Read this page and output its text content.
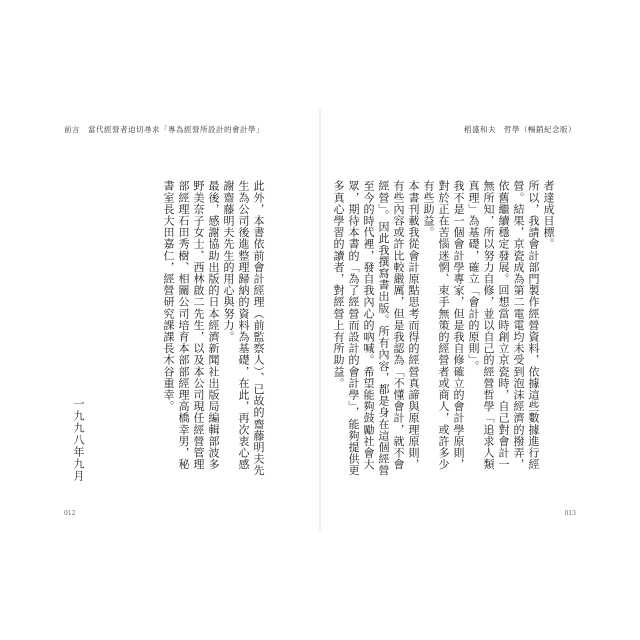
前言　當代經營者迫切尋求「專為經營所設計的會計學」

此外，本書依前會計經理（前監察人）、已故的齋藤明夫先生為公司後進整理歸納的資料為基礎，在此，再次衷心感謝齋藤明夫先生的用心與努力。

最後，感謝協助出版的日本經濟新聞社出版局編輯部波多野美奈子女士、西林啟二先生，以及本公司現任經營管理部經理石田秀樹、相關公司培育本部部經理高橋幸男，秘書室長大田嘉仁，經營研究課課長木谷重幸。

一九九八年九月
012
稻盛和夫　哲學（暢銷紀念版）

者達成目標。

所以，我請會計部門製作經營資料，依據這些數據進行經營。結果，京瓷成為第二電電均未受到泡沫經濟的撥弄，依舊繼續穩定發展。回想當時創立京瓷時，自己對會計一無所知，所以努力自修，並以自己的經營哲學「追求人類真理」為基礎，確立「會計的原則」。

我不是一個會計學專家，但是我自修確立的會計學原則，對於正在苦惱迷惘、束手無策的經營者或商人，或許多少有些助益。

本書刊載我從會計原點思考而得的經營真諦與原理原則，有些內容或許比較嚴厲，但是我認為「不懂會計，就不會經營」。因此我撰寫書出版。所有內容，都是身在這個經營至今的時代裡，發自我內心的吶喊。希望能夠鼓勵社會大眾，期待本書的「為了經營而設計的會計學」，能夠提供更多真心學習的讀者，對經營上有所助益。

013
